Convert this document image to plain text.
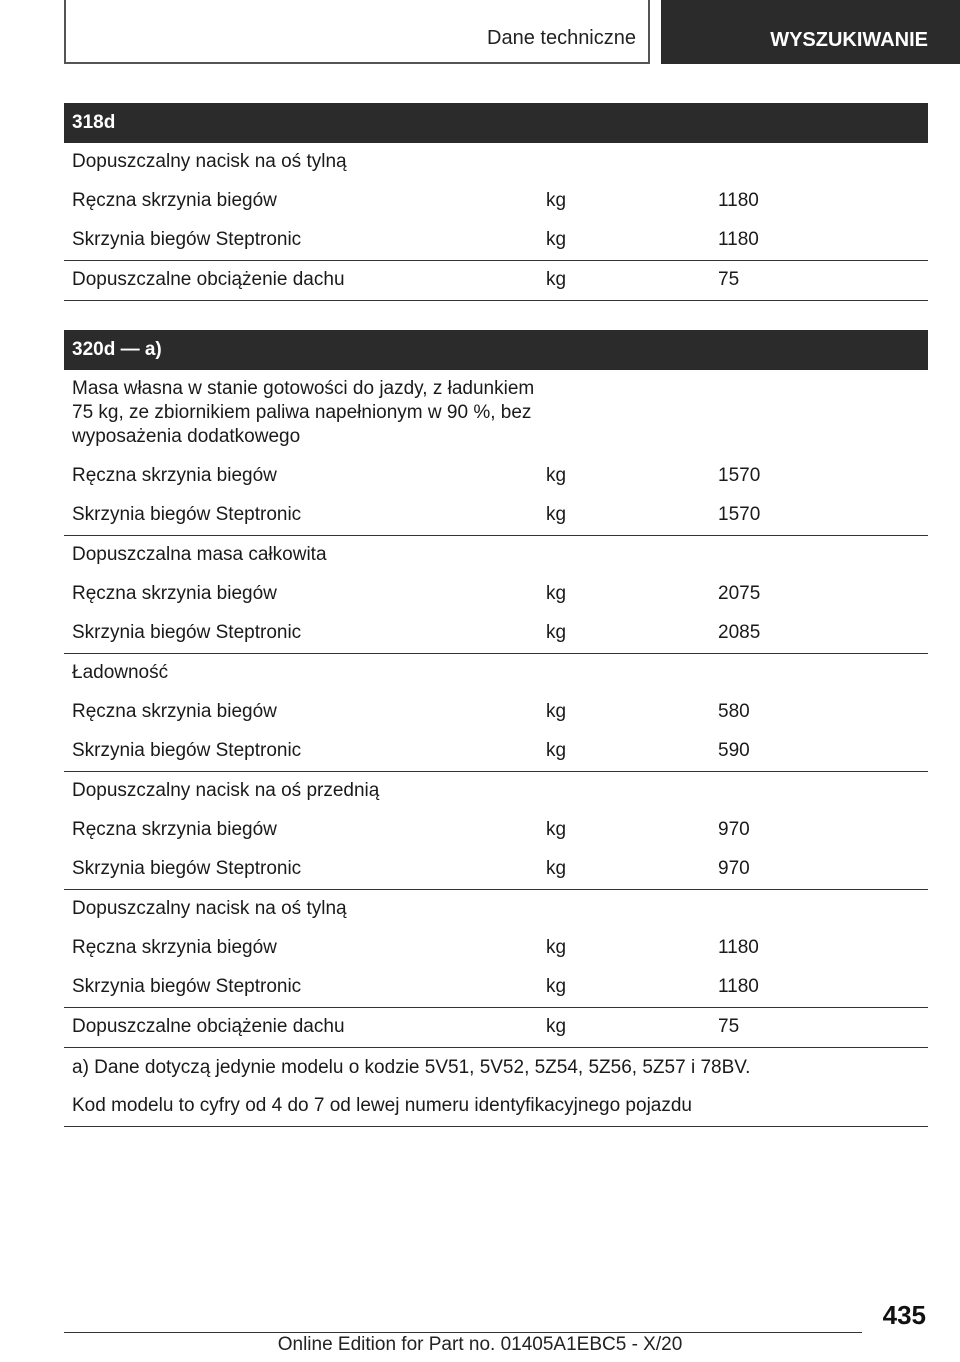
Dane techniczne	WYSZUKIWANIE
318d
Dopuszczalny nacisk na oś tylną
Ręczna skrzynia biegów	kg	1180
Skrzynia biegów Steptronic	kg	1180
Dopuszczalne obciążenie dachu	kg	75
320d — a)
Masa własna w stanie gotowości do jazdy, z ładunkiem 75 kg, ze zbiornikiem paliwa napełnionym w 90 %, bez wyposażenia dodatkowego
Ręczna skrzynia biegów	kg	1570
Skrzynia biegów Steptronic	kg	1570
Dopuszczalna masa całkowita
Ręczna skrzynia biegów	kg	2075
Skrzynia biegów Steptronic	kg	2085
Ładowność
Ręczna skrzynia biegów	kg	580
Skrzynia biegów Steptronic	kg	590
Dopuszczalny nacisk na oś przednią
Ręczna skrzynia biegów	kg	970
Skrzynia biegów Steptronic	kg	970
Dopuszczalny nacisk na oś tylną
Ręczna skrzynia biegów	kg	1180
Skrzynia biegów Steptronic	kg	1180
Dopuszczalne obciążenie dachu	kg	75
a) Dane dotyczą jedynie modelu o kodzie 5V51, 5V52, 5Z54, 5Z56, 5Z57 i 78BV.
Kod modelu to cyfry od 4 do 7 od lewej numeru identyfikacyjnego pojazdu
435
Online Edition for Part no. 01405A1EBC5 - X/20
